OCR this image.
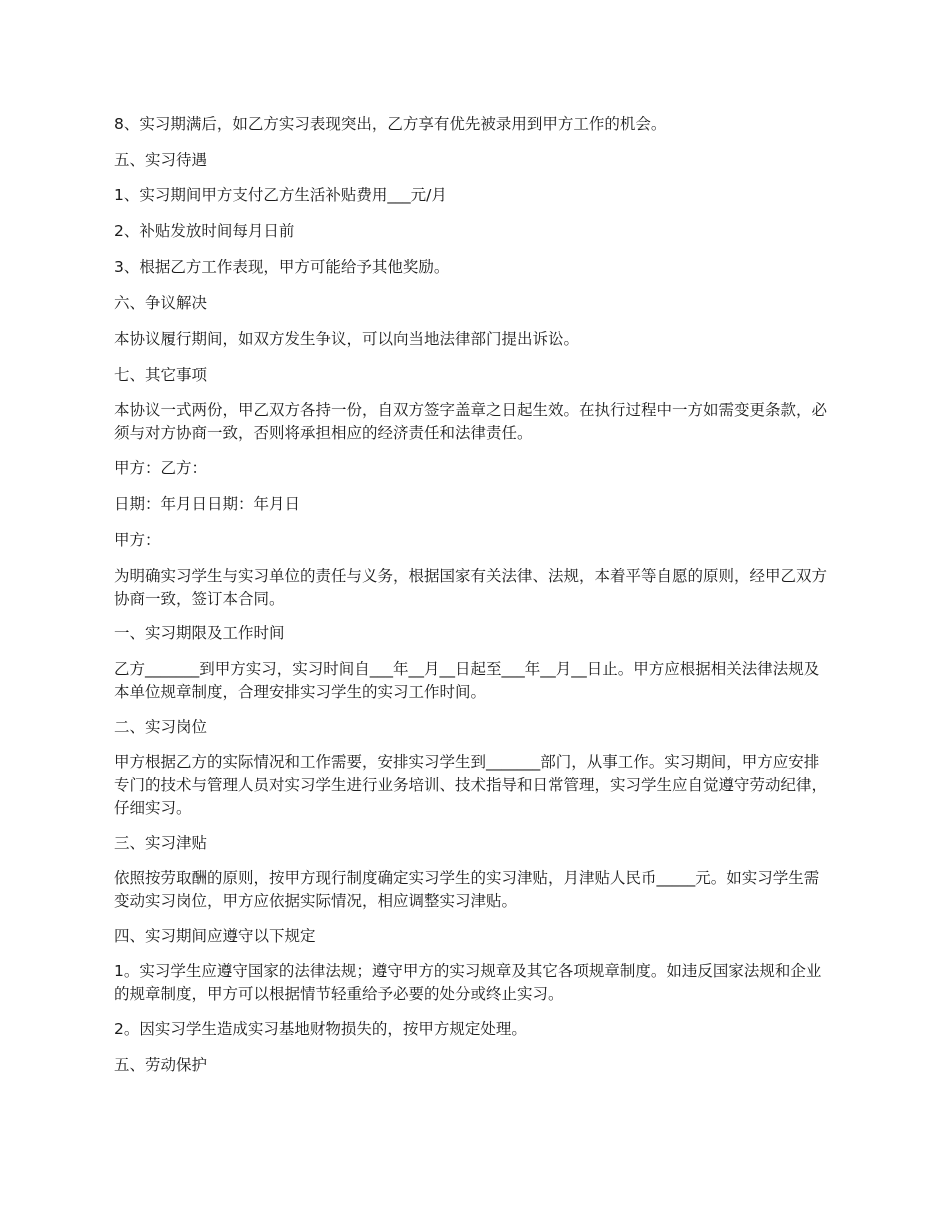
8、实习期满后，如乙方实习表现突出，乙方享有优先被录用到甲方工作的机会。

五、实习待遇

1、实习期间甲方支付乙方生活补贴费用___元/月

2、补贴发放时间每月日前

3、根据乙方工作表现，甲方可能给予其他奖励。

六、争议解决

本协议履行期间，如双方发生争议，可以向当地法律部门提出诉讼。

七、其它事项

本协议一式两份，甲乙双方各持一份，自双方签字盖章之日起生效。在执行过程中一方如需变更条款，必须与对方协商一致，否则将承担相应的经济责任和法律责任。

甲方：乙方：

日期：年月日日期：年月日

甲方：

为明确实习学生与实习单位的责任与义务，根据国家有关法律、法规，本着平等自愿的原则，经甲乙双方协商一致，签订本合同。

一、实习期限及工作时间

乙方_______到甲方实习，实习时间自___年__月__日起至___年__月__日止。甲方应根据相关法律法规及本单位规章制度，合理安排实习学生的实习工作时间。

二、实习岗位

甲方根据乙方的实际情况和工作需要，安排实习学生到_______部门，从事工作。实习期间，甲方应安排专门的技术与管理人员对实习学生进行业务培训、技术指导和日常管理，实习学生应自觉遵守劳动纪律，仔细实习。

三、实习津贴

依照按劳取酬的原则，按甲方现行制度确定实习学生的实习津贴，月津贴人民币_____元。如实习学生需变动实习岗位，甲方应依据实际情况，相应调整实习津贴。

四、实习期间应遵守以下规定

1。实习学生应遵守国家的法律法规；遵守甲方的实习规章及其它各项规章制度。如违反国家法规和企业的规章制度，甲方可以根据情节轻重给予必要的处分或终止实习。

2。因实习学生造成实习基地财物损失的，按甲方规定处理。

五、劳动保护
